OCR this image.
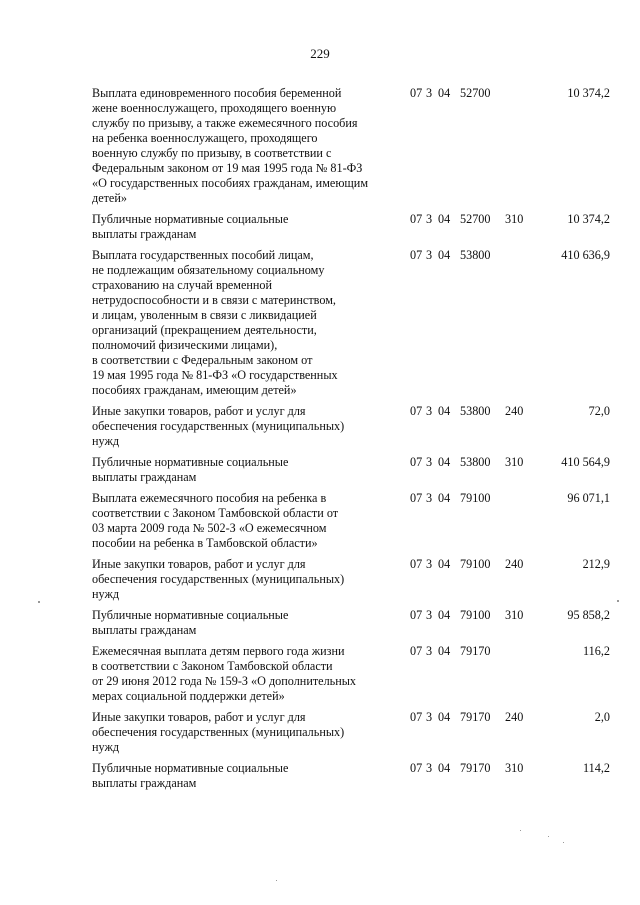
229
Выплата единовременного пособия беременной
жене военнослужащего, проходящего военную
службу по призыву, а также ежемесячного пособия
на ребенка военнослужащего, проходящего
военную службу по призыву, в соответствии с
Федеральным законом от 19 мая 1995 года № 81-ФЗ
«О государственных пособиях гражданам, имеющим
детей»
07 3 04 52700	10 374,2
Публичные нормативные социальные
выплаты гражданам
07 3 04 52700 310	10 374,2
Выплата государственных пособий лицам,
не подлежащим обязательному социальному
страхованию на случай временной
нетрудоспособности и в связи с материнством,
и лицам, уволенным в связи с ликвидацией
организаций (прекращением деятельности,
полномочий физическими лицами),
в соответствии с Федеральным законом от
19 мая 1995 года № 81-ФЗ «О государственных
пособиях гражданам, имеющим детей»
07 3 04 53800	410 636,9
Иные закупки товаров, работ и услуг для
обеспечения государственных (муниципальных)
нужд
07 3 04 53800 240	72,0
Публичные нормативные социальные
выплаты гражданам
07 3 04 53800 310	410 564,9
Выплата ежемесячного пособия на ребенка в
соответствии с Законом Тамбовской области от
03 марта 2009 года № 502-З «О ежемесячном
пособии на ребенка в Тамбовской области»
07 3 04 79100	96 071,1
Иные закупки товаров, работ и услуг для
обеспечения государственных (муниципальных)
нужд
07 3 04 79100 240	212,9
Публичные нормативные социальные
выплаты гражданам
07 3 04 79100 310	95 858,2
Ежемесячная выплата детям первого года жизни
в соответствии с Законом Тамбовской области
от 29 июня 2012 года № 159-З «О дополнительных
мерах социальной поддержки детей»
07 3 04 79170	116,2
Иные закупки товаров, работ и услуг для
обеспечения государственных (муниципальных)
нужд
07 3 04 79170 240	2,0
Публичные нормативные социальные
выплаты гражданам
07 3 04 79170 310	114,2
